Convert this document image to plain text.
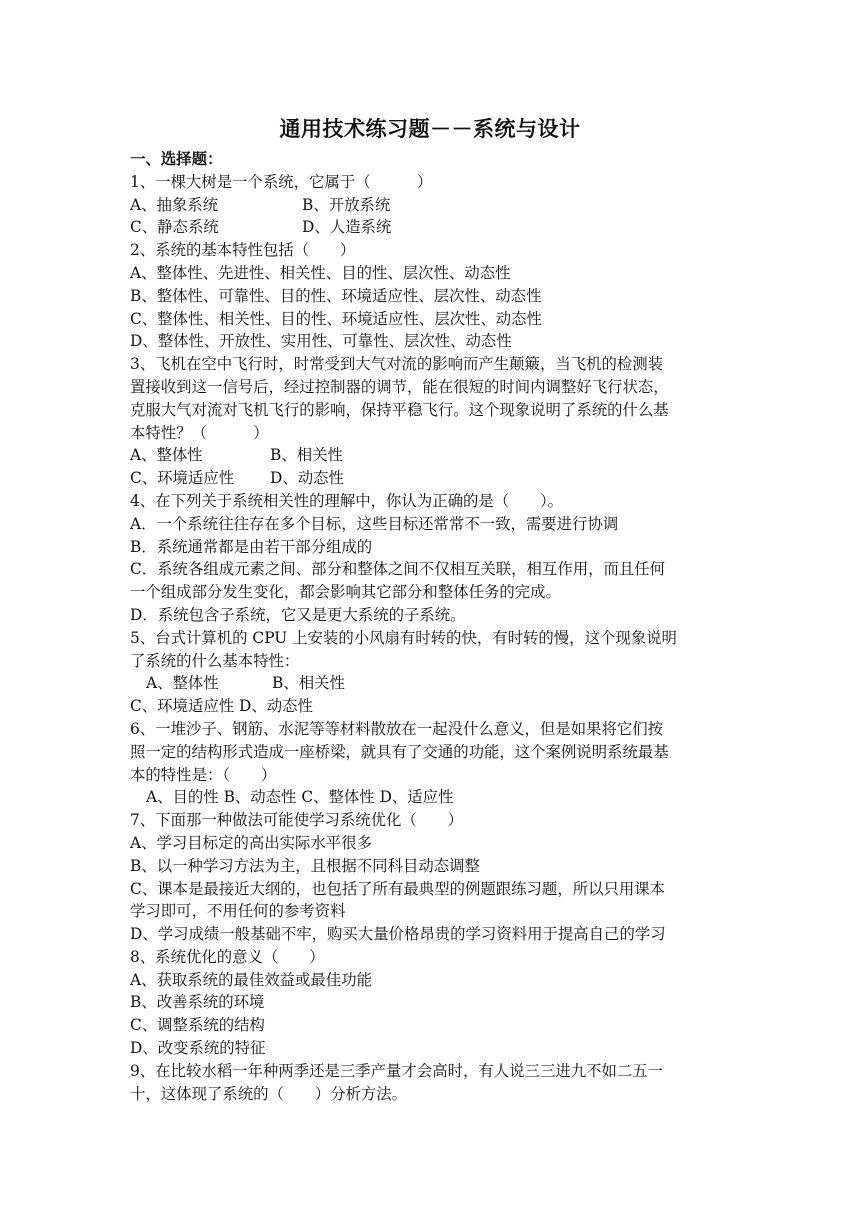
通用技术练习题－－系统与设计
一、选择题：
1、一棵大树是一个系统，它属于（　　　）
A、抽象系统	B、开放系统
C、静态系统	D、人造系统
2、系统的基本特性包括（　　）
A、整体性、先进性、相关性、目的性、层次性、动态性
B、整体性、可靠性、目的性、环境适应性、层次性、动态性
C、整体性、相关性、目的性、环境适应性、层次性、动态性
D、整体性、开放性、实用性、可靠性、层次性、动态性
3、飞机在空中飞行时，时常受到大气对流的影响而产生颠簸，当飞机的检测装
置接收到这一信号后，经过控制器的调节，能在很短的时间内调整好飞行状态，
克服大气对流对飞机飞行的影响，保持平稳飞行。这个现象说明了系统的什么基
本特性？（　　　）
A、整体性	B、相关性
C、环境适应性 D、动态性
4、在下列关于系统相关性的理解中，你认为正确的是（　　）。
A．一个系统往往存在多个目标，这些目标还常常不一致，需要进行协调
B．系统通常都是由若干部分组成的
C．系统各组成元素之间、部分和整体之间不仅相互关联，相互作用，而且任何
一个组成部分发生变化，都会影响其它部分和整体任务的完成。
D．系统包含子系统，它又是更大系统的子系统。
5、台式计算机的 CPU 上安装的小风扇有时转的快，有时转的慢，这个现象说明
了系统的什么基本特性：
A、整体性	B、相关性
C、环境适应性 D、动态性
6、一堆沙子、钢筋、水泥等等材料散放在一起没什么意义，但是如果将它们按
照一定的结构形式造成一座桥梁，就具有了交通的功能，这个案例说明系统最基
本的特性是：（　　）
A、目的性 B、动态性 C、整体性 D、适应性
7、下面那一种做法可能使学习系统优化（　　）
A、学习目标定的高出实际水平很多
B、以一种学习方法为主，且根据不同科目动态调整
C、课本是最接近大纲的，也包括了所有最典型的例题跟练习题，所以只用课本
学习即可，不用任何的参考资料
D、学习成绩一般基础不牢，购买大量价格昂贵的学习资料用于提高自己的学习
8、系统优化的意义（　　）
A、获取系统的最佳效益或最佳功能
B、改善系统的环境
C、调整系统的结构
D、改变系统的特征
9、在比较水稻一年种两季还是三季产量才会高时，有人说三三进九不如二五一
十，这体现了系统的（　　）分析方法。
